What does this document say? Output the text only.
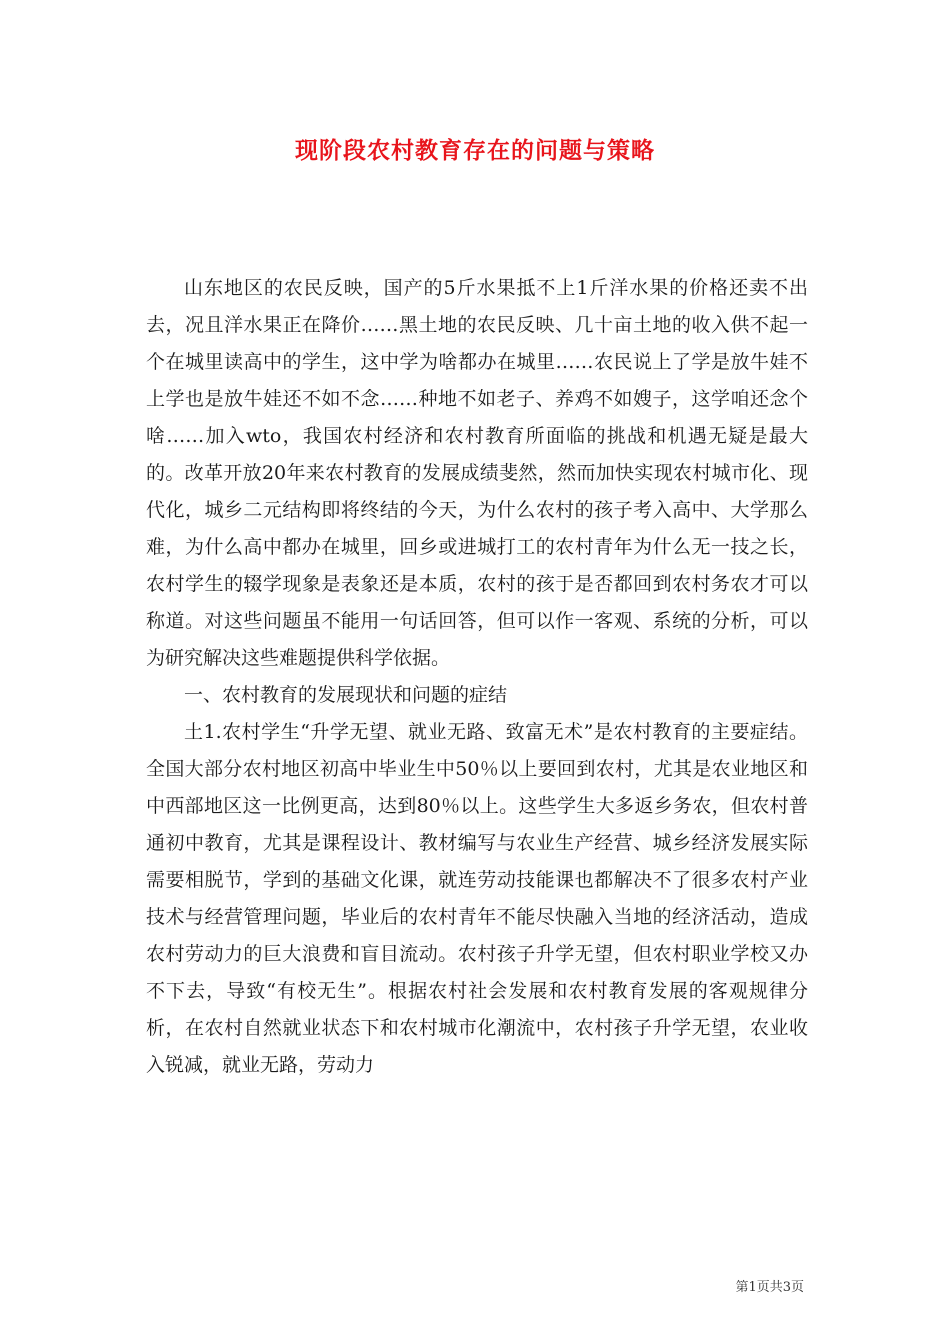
现阶段农村教育存在的问题与策略

山东地区的农民反映，国产的5斤水果抵不上1斤洋水果的价格还卖不出去，况且洋水果正在降价……黑土地的农民反映、几十亩土地的收入供不起一个在城里读高中的学生，这中学为啥都办在城里……农民说上了学是放牛娃不上学也是放牛娃还不如不念……种地不如老子、养鸡不如嫂子，这学咱还念个啥……加入wto，我国农村经济和农村教育所面临的挑战和机遇无疑是最大的。改革开放20年来农村教育的发展成绩斐然，然而加快实现农村城市化、现代化，城乡二元结构即将终结的今天，为什么农村的孩子考入高中、大学那么难，为什么高中都办在城里，回乡或进城打工的农村青年为什么无一技之长，农村学生的辍学现象是表象还是本质，农村的孩于是否都回到农村务农才可以称道。对这些问题虽不能用一句话回答，但可以作一客观、系统的分析，可以为研究解决这些难题提供科学依据。

一、农村教育的发展现状和问题的症结

土1.农村学生“升学无望、就业无路、致富无术”是农村教育的主要症结。全国大部分农村地区初高中毕业生中50％以上要回到农村，尤其是农业地区和中西部地区这一比例更高，达到80％以上。这些学生大多返乡务农，但农村普通初中教育，尤其是课程设计、教材编写与农业生产经营、城乡经济发展实际需要相脱节，学到的基础文化课，就连劳动技能课也都解决不了很多农村产业技术与经营管理问题，毕业后的农村青年不能尽快融入当地的经济活动，造成农村劳动力的巨大浪费和盲目流动。农村孩子升学无望，但农村职业学校又办不下去，导致“有校无生”。根据农村社会发展和农村教育发展的客观规律分析，在农村自然就业状态下和农村城市化潮流中，农村孩子升学无望，农业收入锐减，就业无路，劳动力

第1页共3页
